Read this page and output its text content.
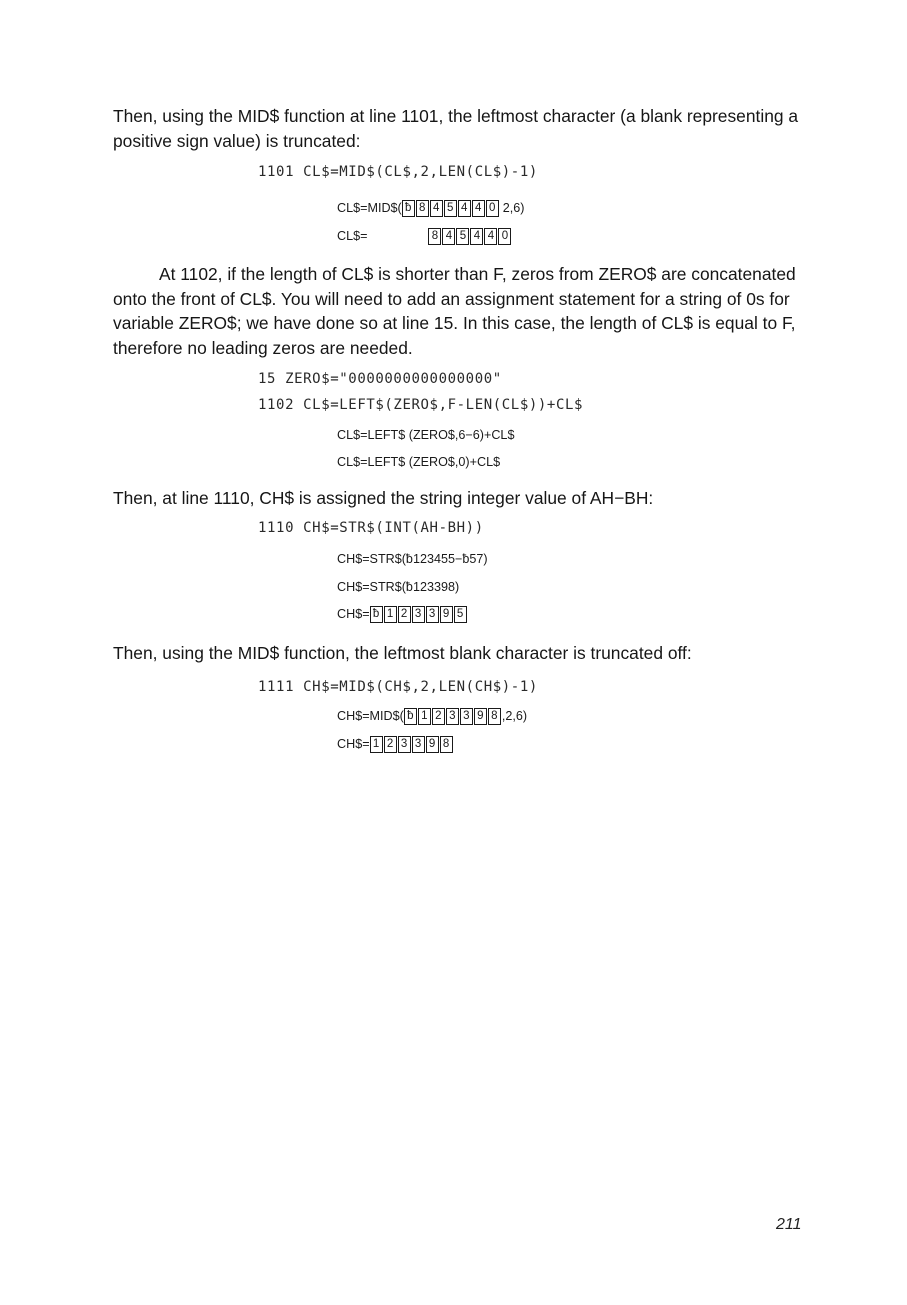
Then, using the MID$ function at line 1101, the leftmost character (a blank representing a positive sign value) is truncated:

1101 CL$=MID$(CL$,2,LEN(CL$)-1)
CL$=MID$( ƀ 8 4 5 4 4 0 2,6)
CL$=	8 4 5 4 4 0

At 1102, if the length of CL$ is shorter than F, zeros from ZERO$ are concatenated onto the front of CL$. You will need to add an assignment statement for a string of 0s for variable ZERO$; we have done so at line 15. In this case, the length of CL$ is equal to F, therefore no leading zeros are needed.

15 ZERO$="0000000000000000"
1102 CL$=LEFT$(ZERO$,F-LEN(CL$))+CL$
CL$=LEFT$ (ZERO$,6−6)+CL$
CL$=LEFT$ (ZERO$,0)+CL$

Then, at line 1110, CH$ is assigned the string integer value of AH−BH:

1110 CH$=STR$(INT(AH-BH))
CH$=STR$(ƀ123455−ƀ57)
CH$=STR$(ƀ123398)
CH$= ƀ 1 2 3 3 9 5

Then, using the MID$ function, the leftmost blank character is truncated off:

1111 CH$=MID$(CH$,2,LEN(CH$)-1)
CH$=MID$( ƀ 1 2 3 3 9 8 ,2,6)
CH$= 1 2 3 3 9 8
211
